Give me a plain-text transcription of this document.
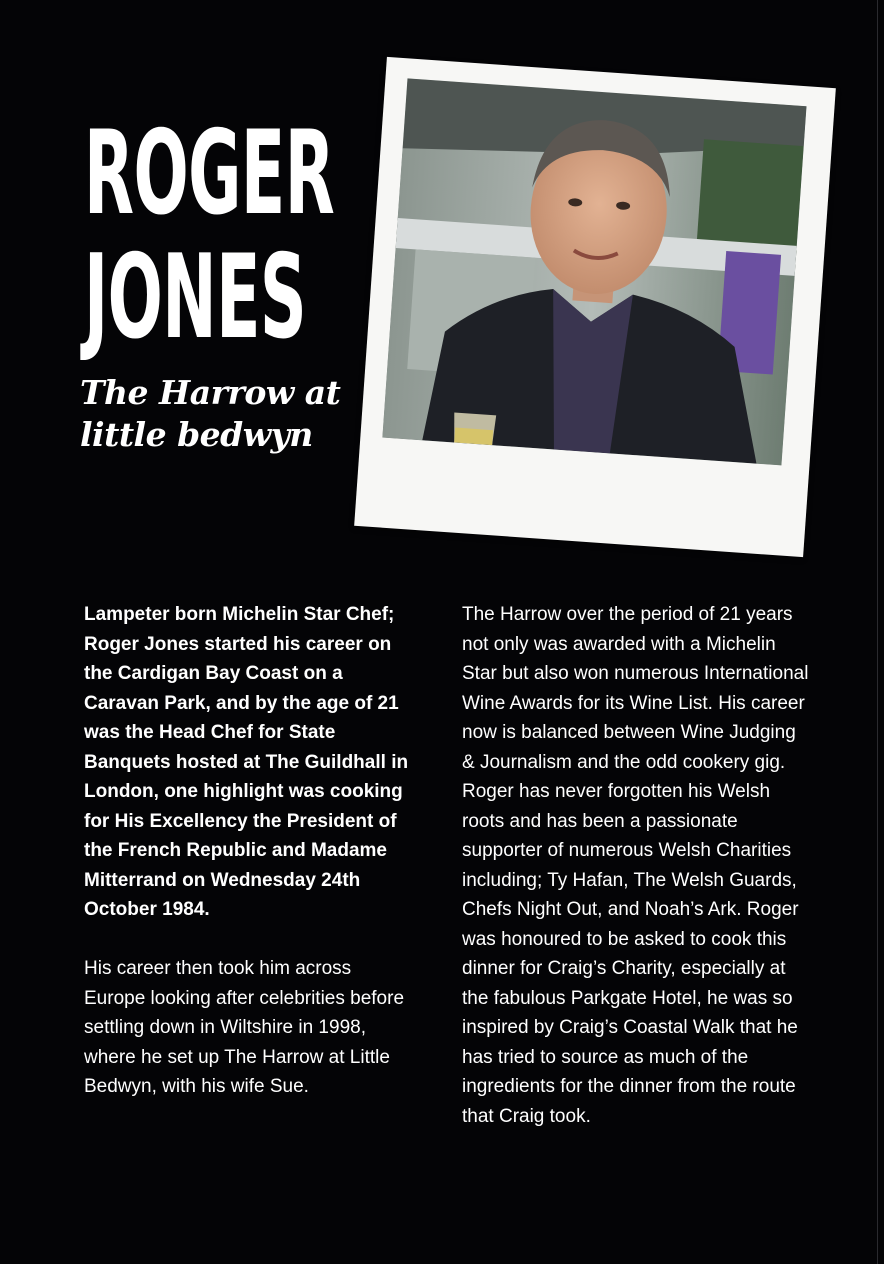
ROGER
JONES
The Harrow at
little bedwyn

Lampeter born Michelin Star Chef; Roger Jones started his career on the Cardigan Bay Coast on a Caravan Park, and by the age of 21 was the Head Chef for State Banquets hosted at The Guildhall in London, one highlight was cooking for His Excellency the President of the French Republic and Madame Mitterrand on Wednesday 24th October 1984.

His career then took him across Europe looking after celebrities before settling down in Wiltshire in 1998, where he set up The Harrow at Little Bedwyn, with his wife Sue.

The Harrow over the period of 21 years not only was awarded with a Michelin Star but also won numerous International Wine Awards for its Wine List. His career now is balanced between Wine Judging & Journalism and the odd cookery gig. Roger has never forgotten his Welsh roots and has been a passionate supporter of numerous Welsh Charities including; Ty Hafan, The Welsh Guards, Chefs Night Out, and Noah’s Ark. Roger was honoured to be asked to cook this dinner for Craig’s Charity, especially at the fabulous Parkgate Hotel, he was so inspired by Craig’s Coastal Walk that he has tried to source as much of the ingredients for the dinner from the route that Craig took.
